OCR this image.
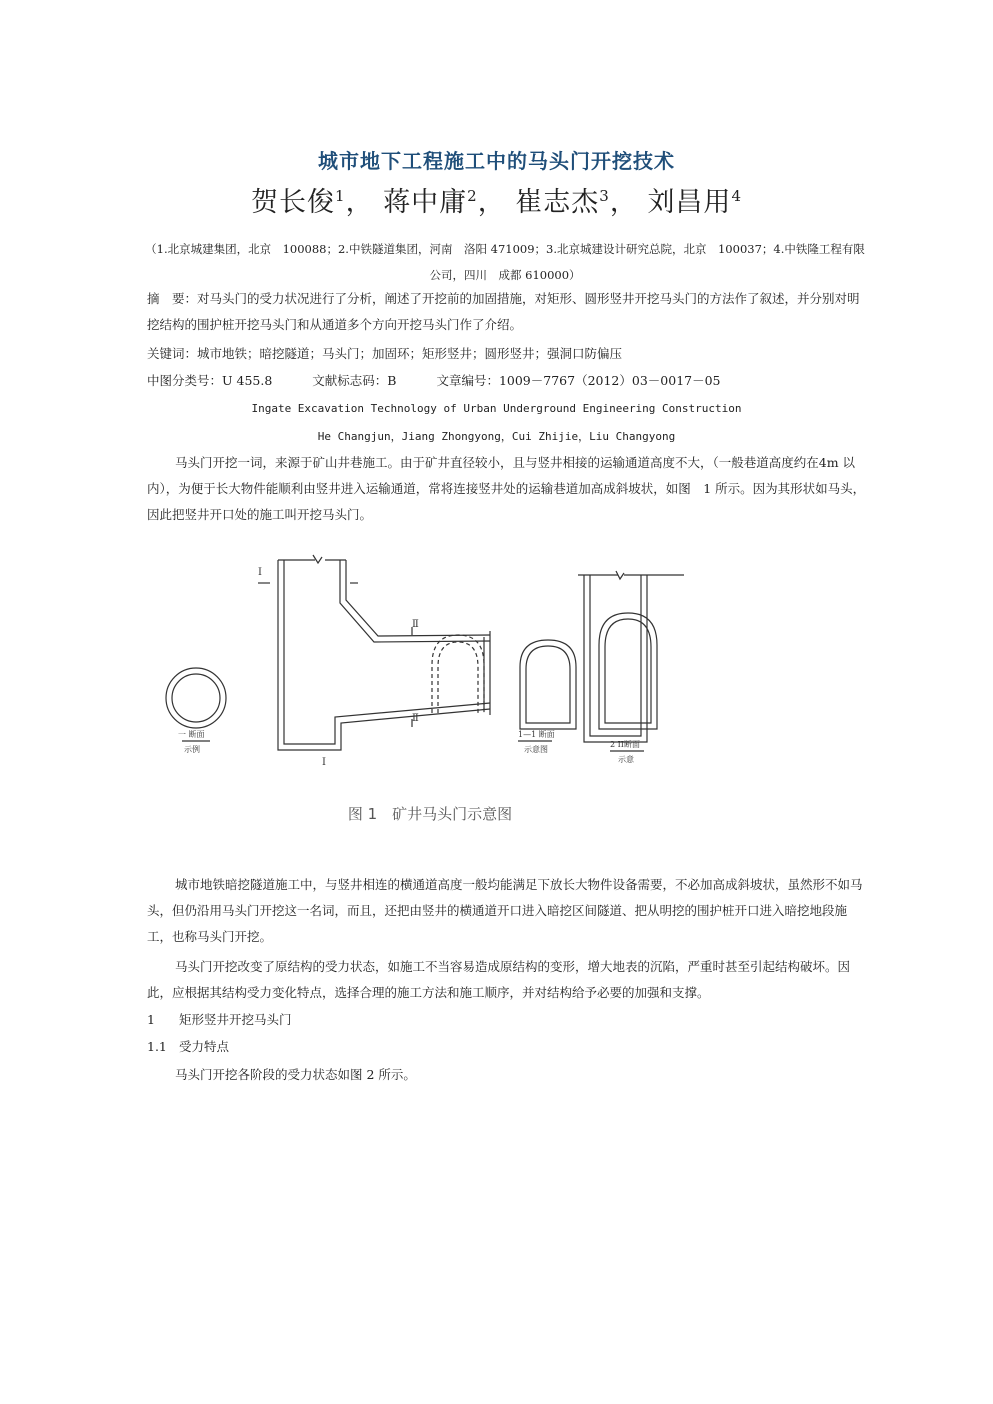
城市地下工程施工中的马头门开挖技术
贺长俊$^1$， 蒋中庸$^2$， 崔志杰$^3$， 刘昌用$^4$
（1.北京城建集团，北京　100088；2.中铁隧道集团，河南　洛阳 471009；3.北京城建设计研究总院，北京　100037；4.中铁隆工程有限公司，四川　成都 610000）
摘　要：对马头门的受力状况进行了分析，阐述了开挖前的加固措施，对矩形、圆形竖井开挖马头门的方法作了叙述，并分别对明挖结构的围护桩开挖马头门和从通道多个方向开挖马头门作了介绍。
关键词：城市地铁；暗挖隧道；马头门；加固环；矩形竖井；圆形竖井；强洞口防偏压
中图分类号：U 455.8	文献标志码：B	文章编号：1009－7767（2012）03－0017－05
Ingate Excavation Technology of Urban Underground Engineering Construction
He Changjun，Jiang Zhongyong，Cui Zhijie，Liu Changyong
马头门开挖一词，来源于矿山井巷施工。由于矿井直径较小，且与竖井相接的运输通道高度不大，（一般巷道高度约在4m 以内），为便于长大物件能顺利由竖井进入运输通道，常将连接竖井处的运输巷道加高成斜坡状，如图　1 所示。因为其形状如马头，因此把竖井开口处的施工叫开挖马头门。
Ⅰ
Ⅰ
Ⅱ
Ⅱ
一 断面
示例
1—1 断面
示意图
2 II断面
示意
图 1　矿井马头门示意图
城市地铁暗挖隧道施工中，与竖井相连的横通道高度一般均能满足下放长大物件设备需要，不必加高成斜坡状，虽然形不如马头，但仍沿用马头门开挖这一名词，而且，还把由竖井的横通道开口进入暗挖区间隧道、把从明挖的围护桩开口进入暗挖地段施工，也称马头门开挖。
马头门开挖改变了原结构的受力状态，如施工不当容易造成原结构的变形，增大地表的沉陷，严重时甚至引起结构破坏。因此，应根据其结构受力变化特点，选择合理的施工方法和施工顺序，并对结构给予必要的加强和支撑。
1 矩形竖井开挖马头门
1.1 受力特点
马头门开挖各阶段的受力状态如图 2 所示。
